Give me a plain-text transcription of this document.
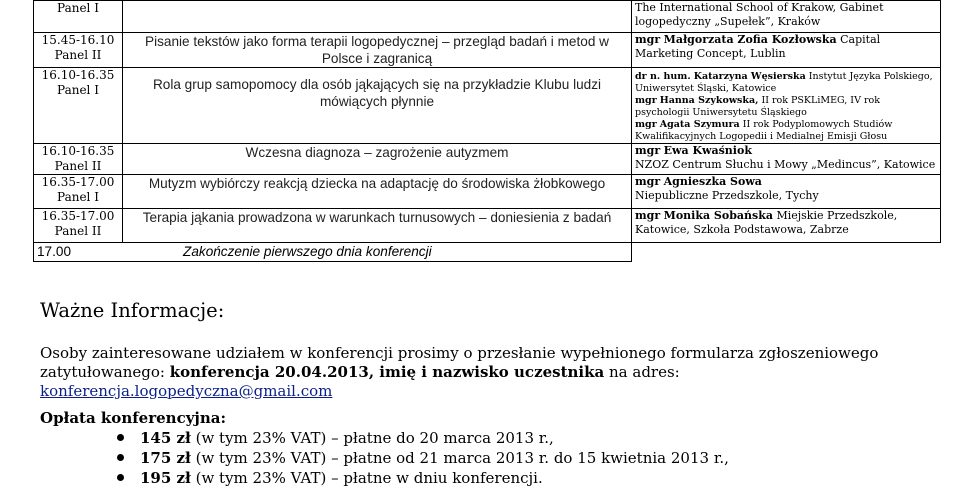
Panel I		The International School of Krakow, Gabinet logopedyczny „Supełek”, Kraków
15.45-16.10 Panel II	Pisanie tekstów jako forma terapii logopedycznej – przegląd badań i metod w Polsce i zagranicą	mgr Małgorzata Zofia Kozłowska Capital Marketing Concept, Lublin
16.10-16.35 Panel I	Rola grup samopomocy dla osób jąkających się na przykładzie Klubu ludzi mówiących płynnie	dr n. hum. Katarzyna Węsierska Instytut Języka Polskiego, Uniwersytet Śląski, Katowice
mgr Hanna Szykowska, II rok PSKLiMEG, IV rok psychologii Uniwersytetu Śląskiego
mgr Agata Szymura II rok Podyplomowych Studiów Kwalifikacyjnych Logopedii i Medialnej Emisji Głosu
16.10-16.35 Panel II	Wczesna diagnoza – zagrożenie autyzmem	mgr Ewa Kwaśniok
NZOZ Centrum Słuchu i Mowy „Medincus”, Katowice
16.35-17.00 Panel I	Mutyzm wybiórczy reakcją dziecka na adaptację do środowiska żłobkowego	mgr Agnieszka Sowa
Niepubliczne Przedszkole, Tychy
16.35-17.00 Panel II	Terapia jąkania prowadzona w warunkach turnusowych – doniesienia z badań	mgr Monika Sobańska Miejskie Przedszkole, Katowice, Szkoła Podstawowa, Zabrze
17.00 Zakończenie pierwszego dnia konferencji		
Ważne Informacje:

Osoby zainteresowane udziałem w konferencji prosimy o przesłanie wypełnionego formularza zgłoszeniowego zatytułowanego: konferencja 20.04.2013, imię i nazwisko uczestnika na adres:

konferencja.logopedyczna@gmail.com

Opłata konferencyjna:
145 zł (w tym 23% VAT) – płatne do 20 marca 2013 r.,
175 zł (w tym 23% VAT) – płatne od 21 marca 2013 r. do 15 kwietnia 2013 r.,
195 zł (w tym 23% VAT) – płatne w dniu konferencji.
